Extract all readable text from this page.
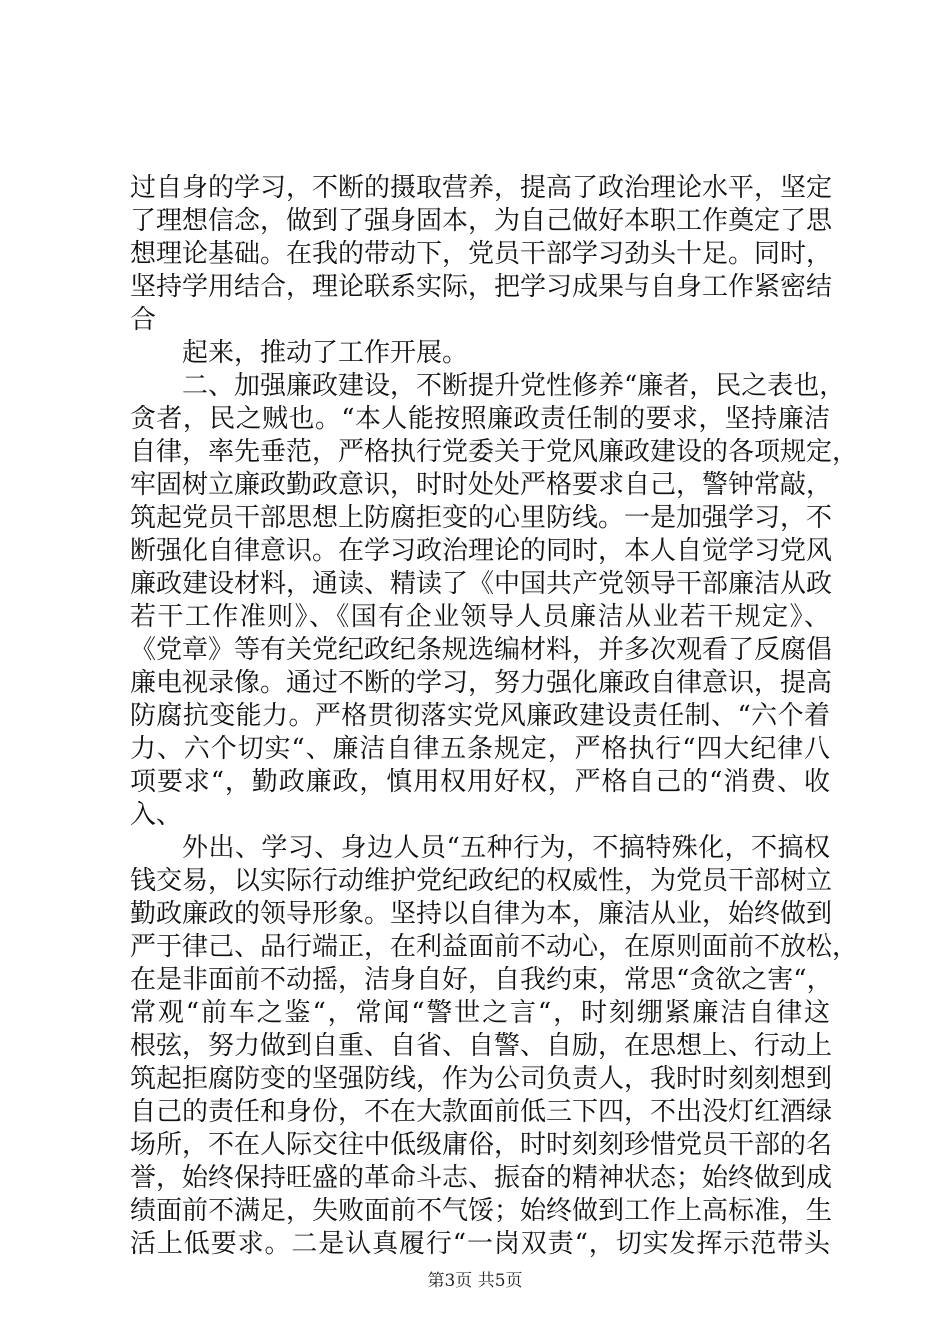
过自身的学习，不断的摄取营养，提高了政治理论水平，坚定
了理想信念，做到了强身固本，为自己做好本职工作奠定了思
想理论基础。在我的带动下，党员干部学习劲头十足。同时，
坚持学用结合，理论联系实际，把学习成果与自身工作紧密结
合
起来，推动了工作开展。
二、加强廉政建设，不断提升党性修养“廉者，民之表也，
贪者，民之贼也。“本人能按照廉政责任制的要求，坚持廉洁
自律，率先垂范，严格执行党委关于党风廉政建设的各项规定，
牢固树立廉政勤政意识，时时处处严格要求自己，警钟常敲，
筑起党员干部思想上防腐拒变的心里防线。一是加强学习，不
断强化自律意识。在学习政治理论的同时，本人自觉学习党风
廉政建设材料，通读、精读了《中国共产党领导干部廉洁从政
若干工作准则》、《国有企业领导人员廉洁从业若干规定》、
《党章》等有关党纪政纪条规选编材料，并多次观看了反腐倡
廉电视录像。通过不断的学习，努力强化廉政自律意识，提高
防腐抗变能力。严格贯彻落实党风廉政建设责任制、“六个着
力、六个切实“、廉洁自律五条规定，严格执行“四大纪律八
项要求“，勤政廉政，慎用权用好权，严格自己的“消费、收
入、
外出、学习、身边人员“五种行为，不搞特殊化，不搞权
钱交易，以实际行动维护党纪政纪的权威性，为党员干部树立
勤政廉政的领导形象。坚持以自律为本，廉洁从业，始终做到
严于律己、品行端正，在利益面前不动心，在原则面前不放松，
在是非面前不动摇，洁身自好，自我约束，常思“贪欲之害“，
常观“前车之鉴“，常闻“警世之言“，时刻绷紧廉洁自律这
根弦，努力做到自重、自省、自警、自励，在思想上、行动上
筑起拒腐防变的坚强防线，作为公司负责人，我时时刻刻想到
自己的责任和身份，不在大款面前低三下四，不出没灯红酒绿
场所，不在人际交往中低级庸俗，时时刻刻珍惜党员干部的名
誉，始终保持旺盛的革命斗志、振奋的精神状态；始终做到成
绩面前不满足，失败面前不气馁；始终做到工作上高标准，生
活上低要求。二是认真履行“一岗双责“，切实发挥示范带头
第3页 共5页
